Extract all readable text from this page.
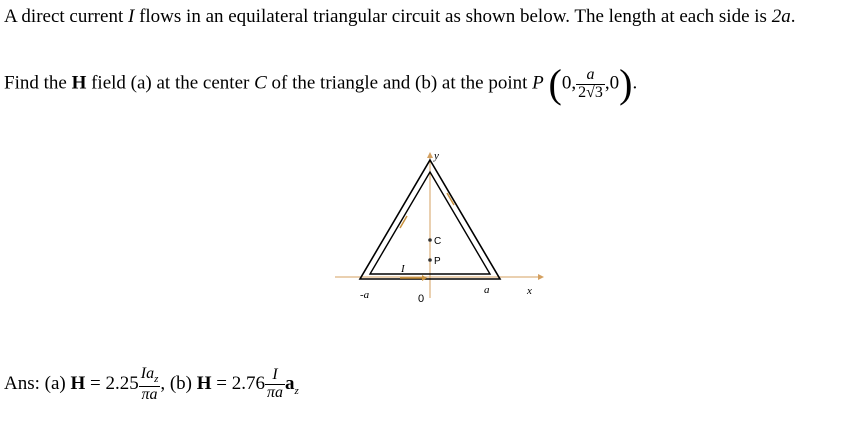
A direct current I flows in an equilateral triangular circuit as shown below. The length at each side is 2a.
Find the H field (a) at the center C of the triangle and (b) at the point P (0, $\frac{a}{2√3} ,0$).
y
C
P
I
-a	0
a	x
Ans: (a) $H = 2.25 \frac{Ia_z}{\pi a}$ , (b) $H = 2.76 \frac{I}{\pi a} a_z$
